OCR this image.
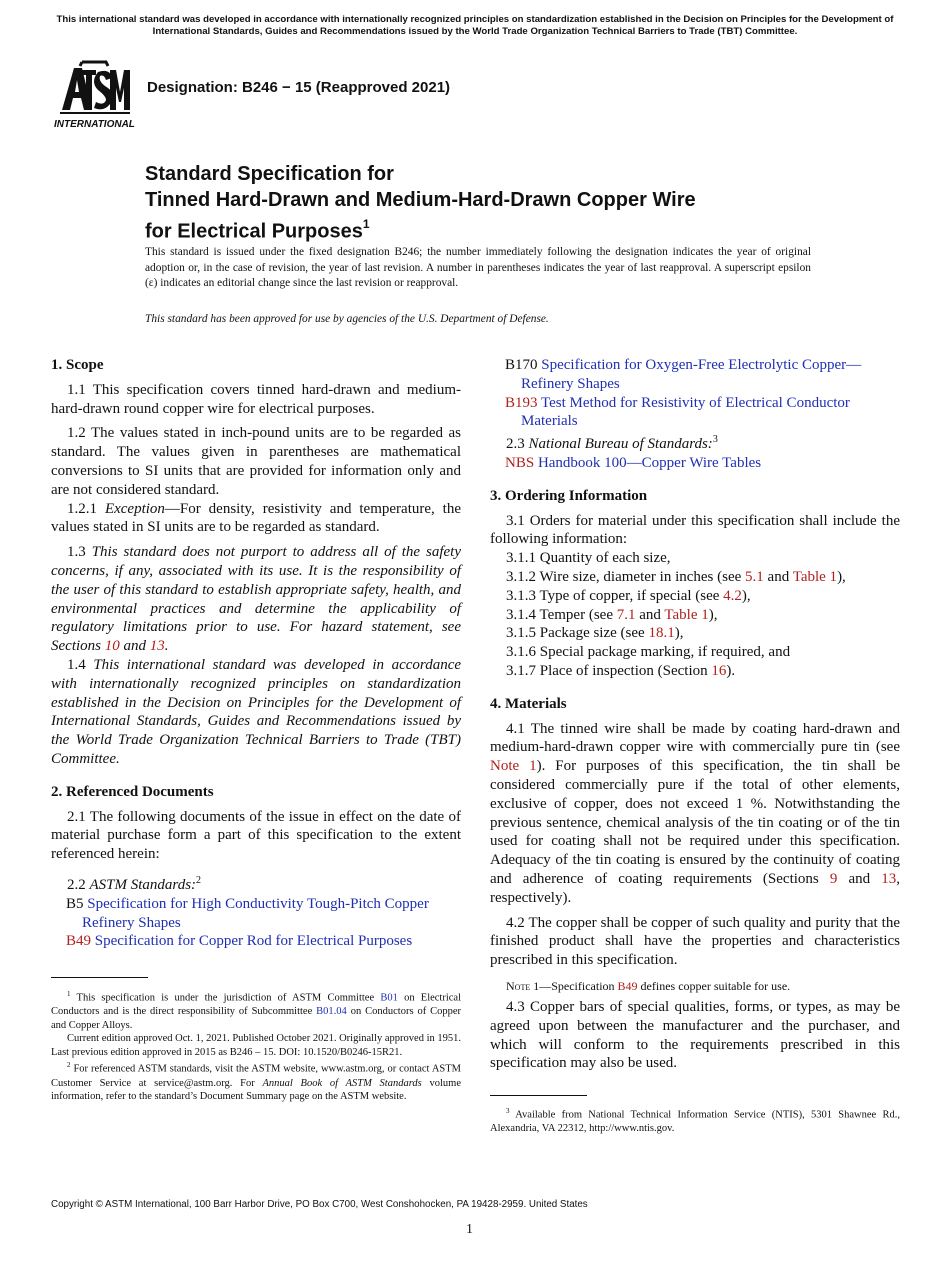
This international standard was developed in accordance with internationally recognized principles on standardization established in the Decision on Principles for the Development of International Standards, Guides and Recommendations issued by the World Trade Organization Technical Barriers to Trade (TBT) Committee.
INTERNATIONAL
Designation: B246 − 15 (Reapproved 2021)
Standard Specification for
Tinned Hard-Drawn and Medium-Hard-Drawn Copper Wire
for Electrical Purposes$^1$
This standard is issued under the fixed designation B246; the number immediately following the designation indicates the year of original adoption or, in the case of revision, the year of last revision. A number in parentheses indicates the year of last reapproval. A superscript epsilon (ε) indicates an editorial change since the last revision or reapproval.
This standard has been approved for use by agencies of the U.S. Department of Defense.
1. Scope

1.1 This specification covers tinned hard-drawn and medium-hard-drawn round copper wire for electrical purposes.

1.2 The values stated in inch-pound units are to be regarded as standard. The values given in parentheses are mathematical conversions to SI units that are provided for information only and are not considered standard.

1.2.1 Exception—For density, resistivity and temperature, the values stated in SI units are to be regarded as standard.

1.3 This standard does not purport to address all of the safety concerns, if any, associated with its use. It is the responsibility of the user of this standard to establish appropriate safety, health, and environmental practices and determine the applicability of regulatory limitations prior to use. For hazard statement, see Sections 10 and 13.

1.4 This international standard was developed in accordance with internationally recognized principles on standardization established in the Decision on Principles for the Development of International Standards, Guides and Recommendations issued by the World Trade Organization Technical Barriers to Trade (TBT) Committee.

2. Referenced Documents

2.1 The following documents of the issue in effect on the date of material purchase form a part of this specification to the extent referenced herein:

2.2 ASTM Standards:$^2$

B5 Specification for High Conductivity Tough-Pitch Copper Refinery Shapes

B49 Specification for Copper Rod for Electrical Purposes

B170 Specification for Oxygen-Free Electrolytic Copper—Refinery Shapes

B193 Test Method for Resistivity of Electrical Conductor Materials

2.3 National Bureau of Standards:$^3$

NBS Handbook 100—Copper Wire Tables

3. Ordering Information

3.1 Orders for material under this specification shall include the following information:

3.1.1 Quantity of each size,

3.1.2 Wire size, diameter in inches (see 5.1 and Table 1),

3.1.3 Type of copper, if special (see 4.2),

3.1.4 Temper (see 7.1 and Table 1),

3.1.5 Package size (see 18.1),

3.1.6 Special package marking, if required, and

3.1.7 Place of inspection (Section 16).

4. Materials

4.1 The tinned wire shall be made by coating hard-drawn and medium-hard-drawn copper wire with commercially pure tin (see Note 1). For purposes of this specification, the tin shall be considered commercially pure if the total of other elements, exclusive of copper, does not exceed 1 %. Notwithstanding the previous sentence, chemical analysis of the tin coating or of the tin used for coating shall not be required under this specification. Adequacy of the tin coating is ensured by the continuity of coating and adherence of coating requirements (Sections 9 and 13, respectively).

4.2 The copper shall be copper of such quality and purity that the finished product shall have the properties and characteristics prescribed in this specification.

Note 1—Specification B49 defines copper suitable for use.

4.3 Copper bars of special qualities, forms, or types, as may be agreed upon between the manufacturer and the purchaser, and which will conform to the requirements prescribed in this specification may also be used.

$^1$ This specification is under the jurisdiction of ASTM Committee B01 on Electrical Conductors and is the direct responsibility of Subcommittee B01.04 on Conductors of Copper and Copper Alloys.

Current edition approved Oct. 1, 2021. Published October 2021. Originally approved in 1951. Last previous edition approved in 2015 as B246 – 15. DOI: 10.1520/B0246-15R21.

$^2$ For referenced ASTM standards, visit the ASTM website, www.astm.org, or contact ASTM Customer Service at service@astm.org. For Annual Book of ASTM Standards volume information, refer to the standard’s Document Summary page on the ASTM website.

$^3$ Available from National Technical Information Service (NTIS), 5301 Shawnee Rd., Alexandria, VA 22312, http://www.ntis.gov.

Copyright © ASTM International, 100 Barr Harbor Drive, PO Box C700, West Conshohocken, PA 19428-2959. United States
1
